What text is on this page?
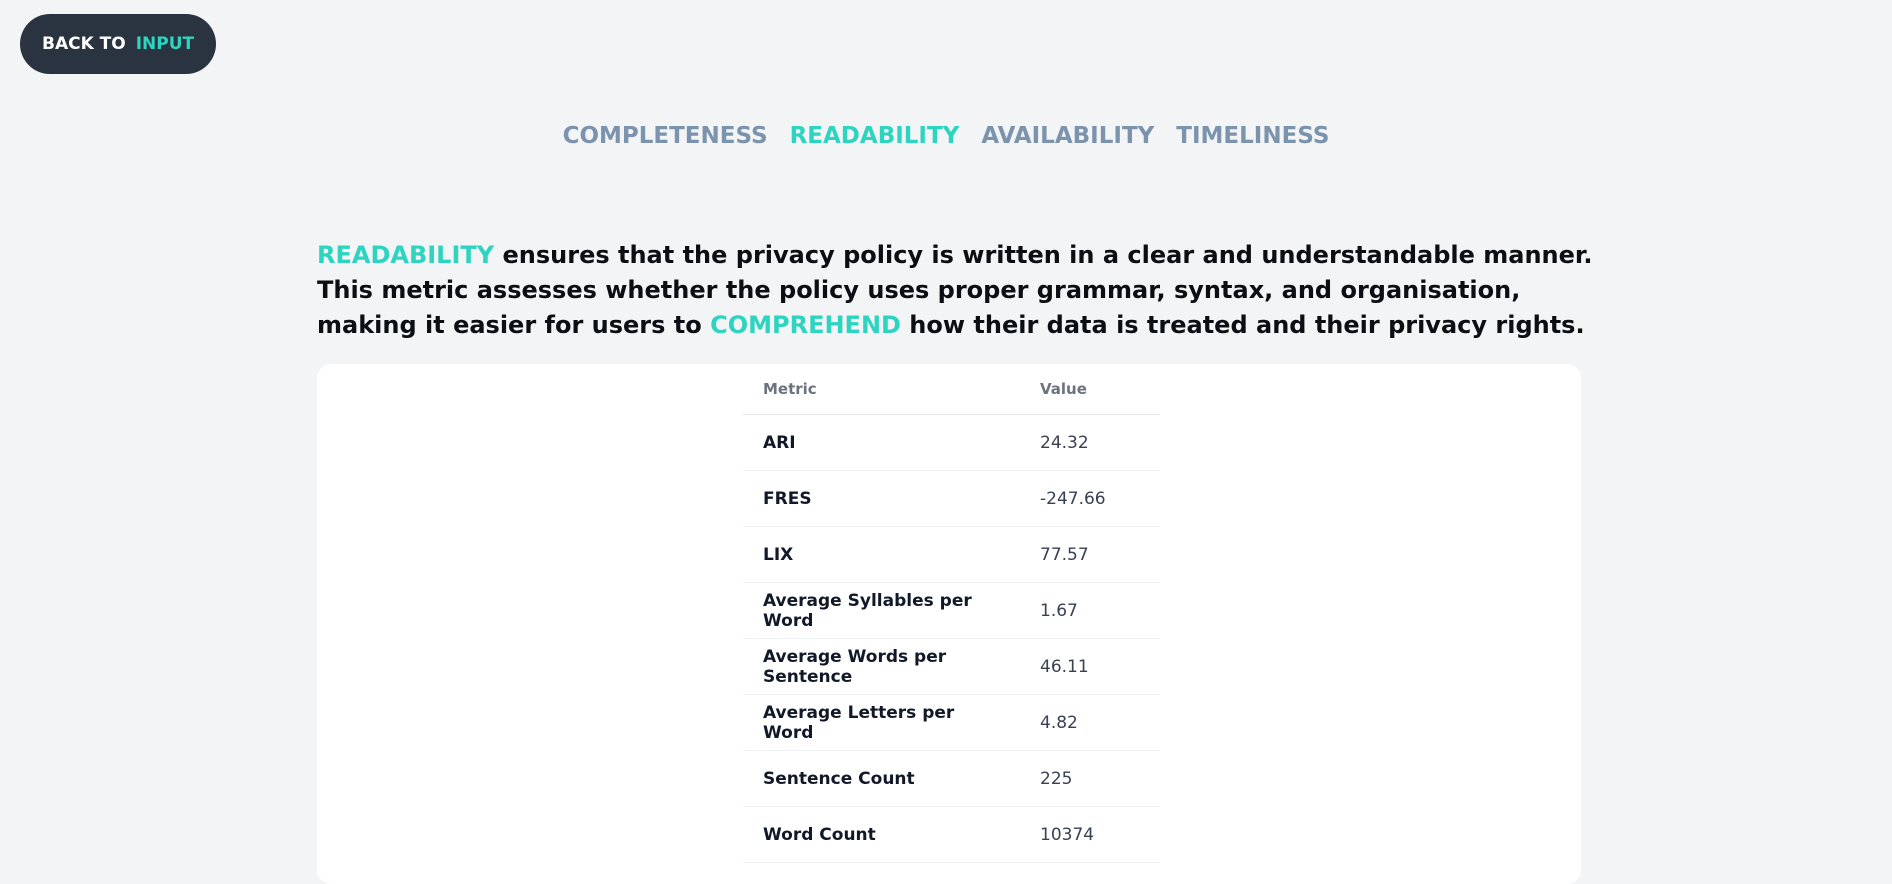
BACK TO INPUT
COMPLETENESS READABILITY AVAILABILITY TIMELINESS

READABILITY ensures that the privacy policy is written in a clear and understandable manner. This metric assesses whether the policy uses proper grammar, syntax, and organisation, making it easier for users to COMPREHEND how their data is treated and their privacy rights.

Metric	Value
ARI	24.32
FRES	-247.66
LIX	77.57
Average Syllables per Word	1.67
Average Words per Sentence	46.11
Average Letters per Word	4.82
Sentence Count	225
Word Count	10374
